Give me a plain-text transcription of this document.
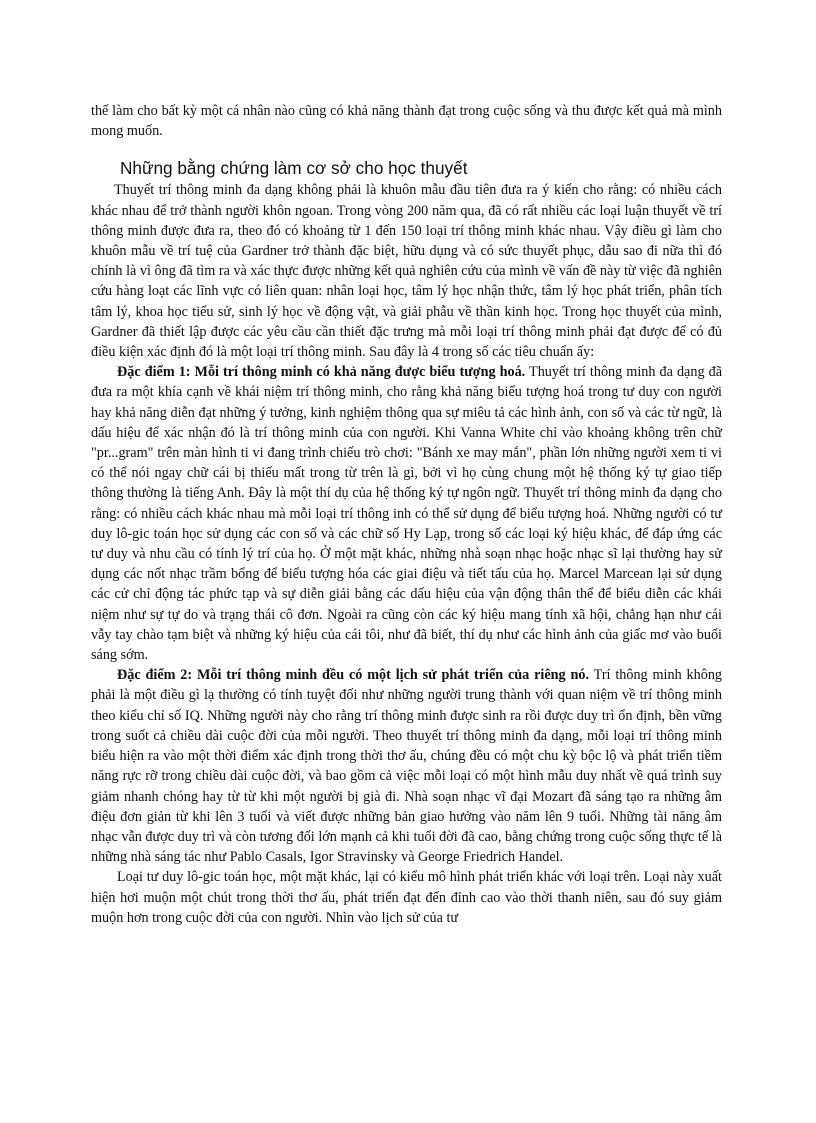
thể làm cho bất kỳ một cá nhân nào cũng có khả năng thành đạt trong cuộc sống và thu được kết quả mà mình mong muốn.

Những bằng chứng làm cơ sở cho học thuyết

Thuyết trí thông minh đa dạng không phải là khuôn mẫu đầu tiên đưa ra ý kiến cho rằng: có nhiều cách khác nhau để trở thành người khôn ngoan. Trong vòng 200 năm qua, đã có rất nhiều các loại luận thuyết về trí thông minh được đưa ra, theo đó có khoảng từ 1 đến 150 loại trí thông minh khác nhau. Vậy điều gì làm cho khuôn mẫu về trí tuệ của Gardner trở thành đặc biệt, hữu dụng và có sức thuyết phục, dẫu sao đi nữa thì đó chính là vì ông đã tìm ra và xác thực được những kết quả nghiên cứu của mình về vấn đề này từ việc đã nghiên cứu hàng loạt các lĩnh vực có liên quan: nhân loại học, tâm lý học nhận thức, tâm lý học phát triển, phân tích tâm lý, khoa học tiểu sử, sinh lý học về động vật, và giải phẫu về thần kinh học. Trong học thuyết của mình, Gardner đã thiết lập được các yêu cầu cần thiết đặc trưng mà mỗi loại trí thông minh phải đạt được để có đủ điều kiện xác định đó là một loại trí thông minh. Sau đây là 4 trong số các tiêu chuẩn ấy:

Đặc điểm 1: Mỗi trí thông minh có khả năng được biểu tượng hoá. Thuyết trí thông minh đa dạng đã đưa ra một khía cạnh về khái niệm trí thông minh, cho rằng khả năng biểu tượng hoá trong tư duy con người hay khả năng diễn đạt những ý tưởng, kinh nghiệm thông qua sự miêu tả các hình ảnh, con số và các từ ngữ, là dấu hiệu để xác nhận đó là trí thông minh của con người. Khi Vanna White chỉ vào khoảng không trên chữ "pr...gram" trên màn hình ti vi đang trình chiếu trò chơi: "Bánh xe may mắn", phần lớn những người xem ti vi có thể nói ngay chữ cái bị thiếu mất trong từ trên là gì, bởi vì họ cùng chung một hệ thống ký tự giao tiếp thông thường là tiếng Anh. Đây là một thí dụ của hệ thống ký tự ngôn ngữ. Thuyết trí thông minh đa dạng cho rằng: có nhiều cách khác nhau mà mỗi loại trí thông inh có thể sử dụng để biểu tượng hoá. Những người có tư duy lô-gic toán học sử dụng các con số và các chữ số Hy Lạp, trong số các loại ký hiệu khác, để đáp ứng các tư duy và nhu cầu có tính lý trí của họ. Ở một mặt khác, những nhà soạn nhạc hoặc nhạc sĩ lại thường hay sử dụng các nốt nhạc trầm bổng để biểu tượng hóa các giai điệu và tiết tấu của họ. Marcel Marcean lại sử dụng các cử chỉ động tác phức tạp và sự diễn giải bằng các dấu hiệu của vận động thân thể để biểu diễn các khái niệm như sự tự do và trạng thái cô đơn. Ngoài ra cũng còn các ký hiệu mang tính xã hội, chẳng hạn như cái vẫy tay chào tạm biệt và những ký hiệu của cái tôi, như đã biết, thí dụ như các hình ảnh của giấc mơ vào buổi sáng sớm.

Đặc điểm 2: Mỗi trí thông minh đều có một lịch sử phát triển của riêng nó. Trí thông minh không phải là một điều gì lạ thường có tính tuyệt đối như những người trung thành với quan niệm về trí thông minh theo kiểu chỉ số IQ. Những người này cho rằng trí thông minh được sinh ra rồi được duy trì ổn định, bền vững trong suốt cả chiều dài cuộc đời của mỗi người. Theo thuyết trí thông minh đa dạng, mỗi loại trí thông minh biểu hiện ra vào một thời điểm xác định trong thời thơ ấu, chúng đều có một chu kỳ bộc lộ và phát triển tiềm năng rực rỡ trong chiều dài cuộc đời, và bao gồm cả việc mỗi loại có một hình mẫu duy nhất về quá trình suy giảm nhanh chóng hay từ từ khi một người bị già đi. Nhà soạn nhạc vĩ đại Mozart đã sáng tạo ra những âm điệu đơn giản từ khi lên 3 tuổi và viết được những bản giao hưởng vào năm lên 9 tuổi. Những tài năng âm nhạc vẫn được duy trì và còn tương đối lớn mạnh cả khi tuổi đời đã cao, bằng chứng trong cuộc sống thực tế là những nhà sáng tác như Pablo Casals, Igor Stravinsky và George Friedrich Handel.

Loại tư duy lô-gic toán học, một mặt khác, lại có kiểu mô hình phát triển khác với loại trên. Loại này xuất hiện hơi muộn một chút trong thời thơ ấu, phát triển đạt đến đỉnh cao vào thời thanh niên, sau đó suy giảm muộn hơn trong cuộc đời của con người. Nhìn vào lịch sử của tư
